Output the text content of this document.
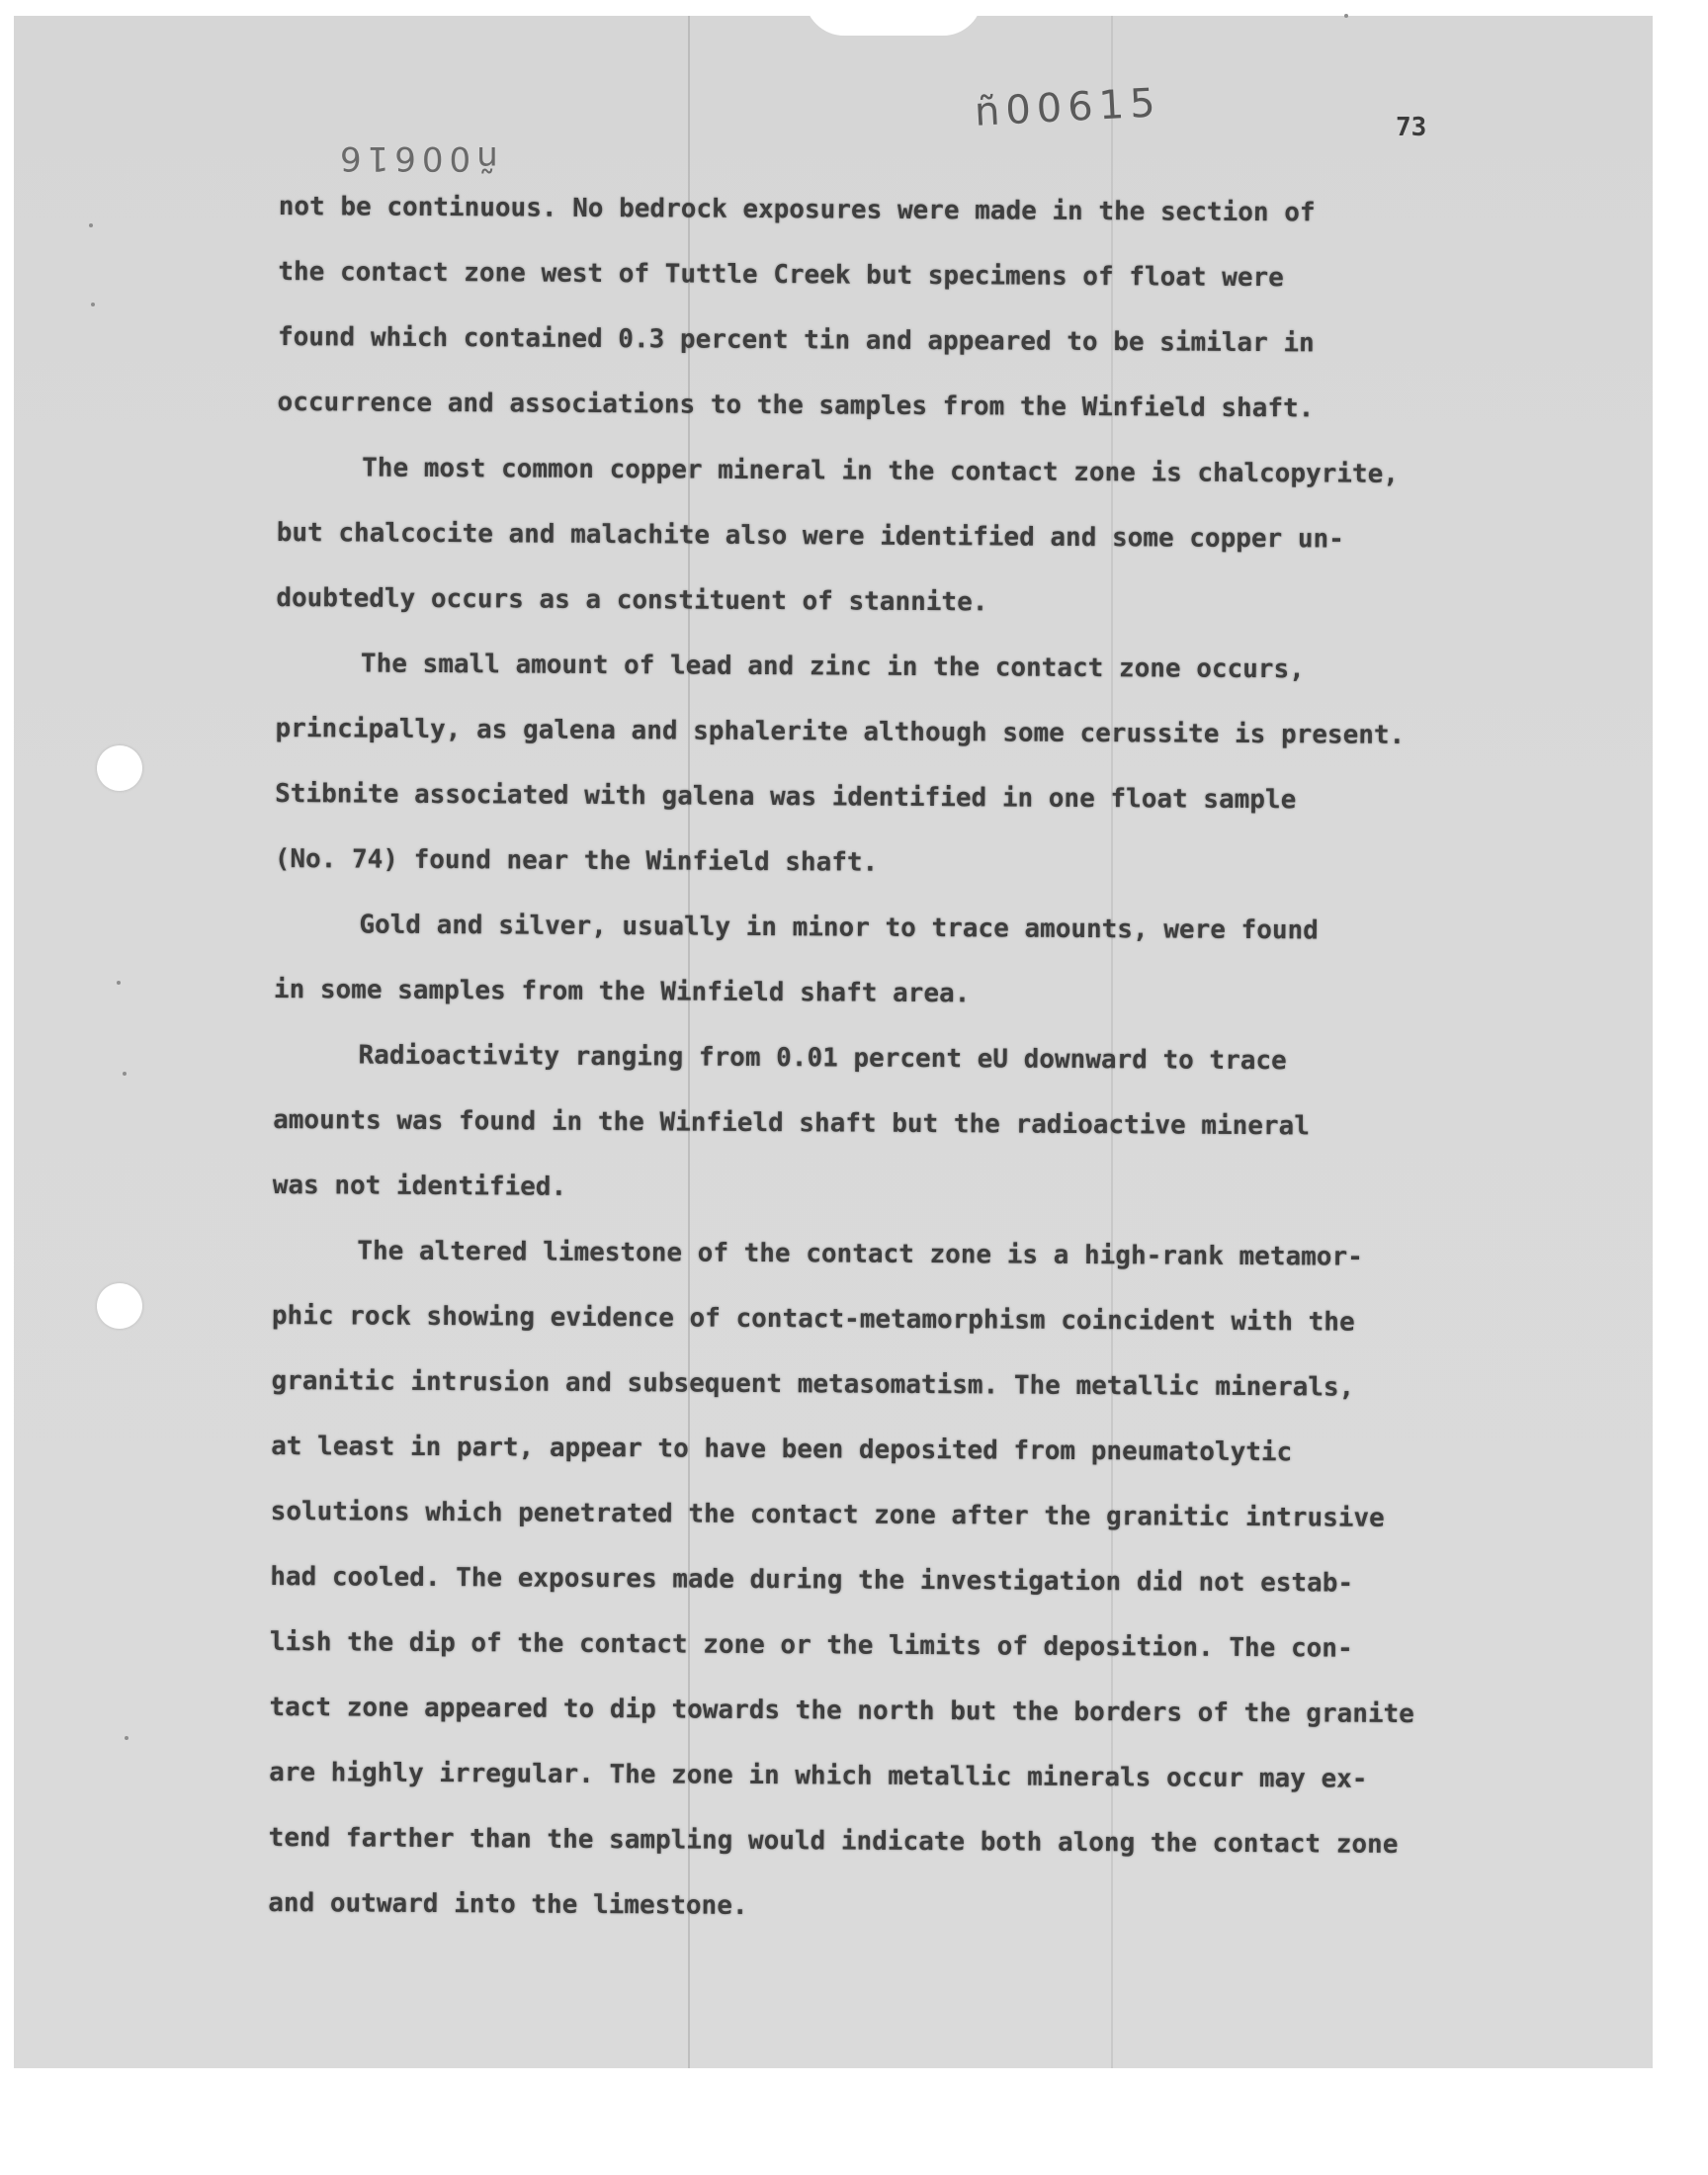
ñ00615
ñ00616
73
not be continuous. No bedrock exposures were made in the section of
the contact zone west of Tuttle Creek but specimens of float were
found which contained 0.3 percent tin and appeared to be similar in
occurrence and associations to the samples from the Winfield shaft.
The most common copper mineral in the contact zone is chalcopyrite,
but chalcocite and malachite also were identified and some copper un-
doubtedly occurs as a constituent of stannite.
The small amount of lead and zinc in the contact zone occurs,
principally, as galena and sphalerite although some cerussite is present.
Stibnite associated with galena was identified in one float sample
(No. 74) found near the Winfield shaft.
Gold and silver, usually in minor to trace amounts, were found
in some samples from the Winfield shaft area.
Radioactivity ranging from 0.01 percent eU downward to trace
amounts was found in the Winfield shaft but the radioactive mineral
was not identified.
The altered limestone of the contact zone is a high-rank metamor-
phic rock showing evidence of contact-metamorphism coincident with the
granitic intrusion and subsequent metasomatism. The metallic minerals,
at least in part, appear to have been deposited from pneumatolytic
solutions which penetrated the contact zone after the granitic intrusive
had cooled. The exposures made during the investigation did not estab-
lish the dip of the contact zone or the limits of deposition. The con-
tact zone appeared to dip towards the north but the borders of the granite
are highly irregular. The zone in which metallic minerals occur may ex-
tend farther than the sampling would indicate both along the contact zone
and outward into the limestone.
